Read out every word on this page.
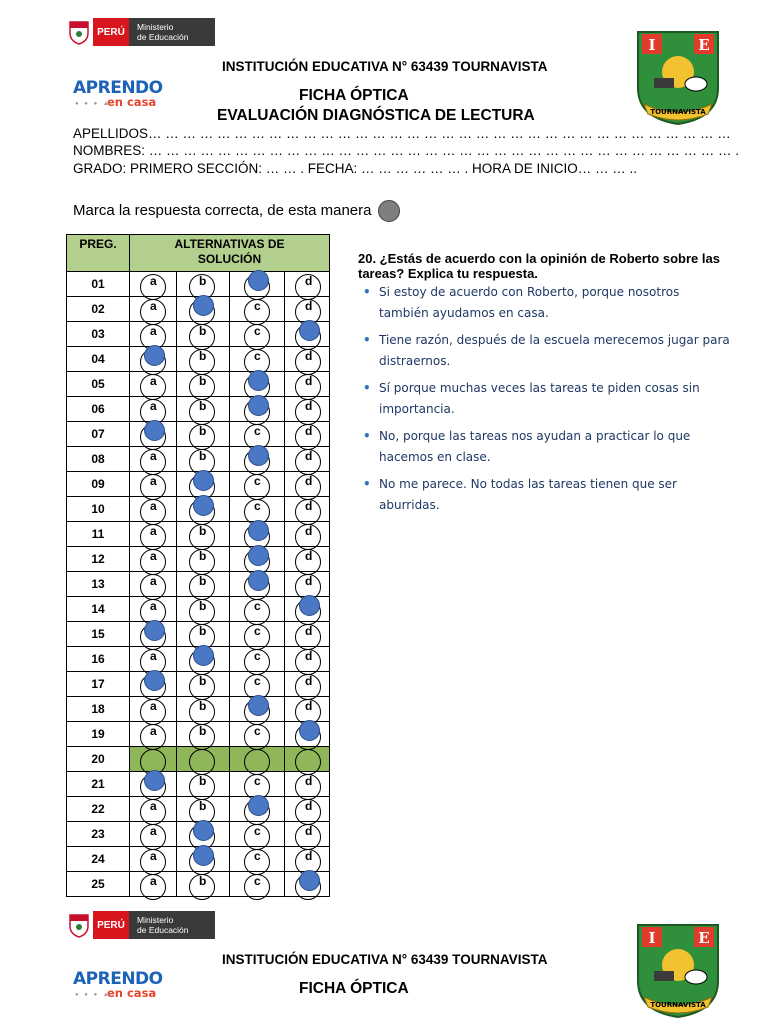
PERÚ	Ministerio
de Educación
APRENDO
en casa
● ● ● ▲
INSTITUCIÓN EDUCATIVA N° 63439 TOURNAVISTA
FICHA ÓPTICA
EVALUACIÓN DIAGNÓSTICA DE LECTURA
I	E
TOURNAVISTA
APELLIDOS… … … … … … … … … … … … … … … … … … … … … … … … … … … … … … … … … …
NOMBRES: … … … … … … … … … … … … … … … … … … … … … … … … … … … … … … … … … … .
GRADO: PRIMERO SECCIÓN: … … . FECHA: … … … … … … . HORA DE INICIO… … … ..
Marca la respuesta correcta, de esta manera
PREG.	ALTERNATIVAS DE
SOLUCIÓN			

01	a	b		d

02	a		c	d

03	a	b	c

04		b	c	d

05	a	b		d

06	a	b		d

07		b	c	d

08	a	b		d

09	a		c	d

10	a		c	d

11	a	b		d

12	a	b		d

13	a	b		d

14	a	b	c

15		b	c	d

16	a		c	d

17		b	c	d

18	a	b		d

19	a	b	c

20	

21		b	c	d

22	a	b		d

23	a		c	d

24	a		c	d

25	a	b	c

20. ¿Estás de acuerdo con la opinión de Roberto sobre las tareas? Explica tu respuesta.
• Si estoy de acuerdo con Roberto, porque nosotros también ayudamos en casa.
• Tiene razón, después de la escuela merecemos jugar para distraernos.
• Sí porque muchas veces las tareas te piden cosas sin importancia.
• No, porque las tareas nos ayudan a practicar lo que hacemos en clase.
• No me parece. No todas las tareas tienen que ser aburridas.
PERÚ	Ministerio
de Educación
APRENDO
en casa
● ● ● ▲
INSTITUCIÓN EDUCATIVA N° 63439 TOURNAVISTA
FICHA ÓPTICA
I	E
TOURNAVISTA
